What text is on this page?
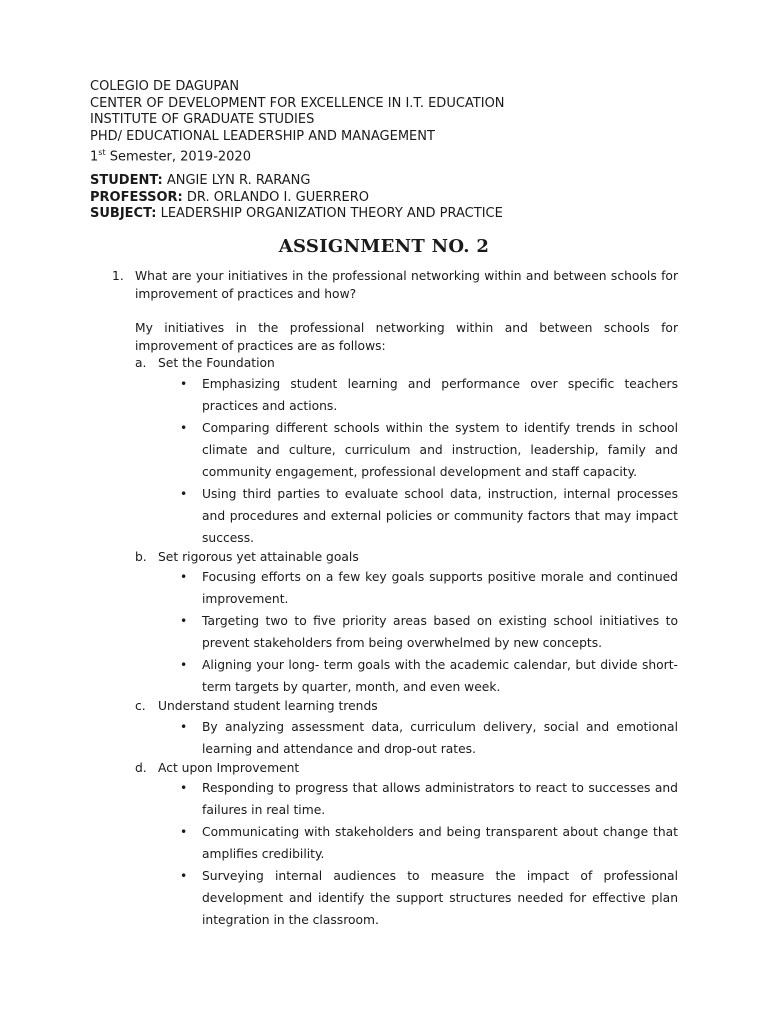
COLEGIO DE DAGUPAN
CENTER OF DEVELOPMENT FOR EXCELLENCE IN I.T. EDUCATION
INSTITUTE OF GRADUATE STUDIES
PHD/ EDUCATIONAL LEADERSHIP AND MANAGEMENT
1st Semester, 2019-2020
STUDENT: ANGIE LYN R. RARANG
PROFESSOR: DR. ORLANDO I. GUERRERO
SUBJECT: LEADERSHIP ORGANIZATION THEORY AND PRACTICE
ASSIGNMENT NO. 2
1. What are your initiatives in the professional networking within and between schools for improvement of practices and how?
My initiatives in the professional networking within and between schools for improvement of practices are as follows:
a. Set the Foundation
• Emphasizing student learning and performance over specific teachers practices and actions.
• Comparing different schools within the system to identify trends in school climate and culture, curriculum and instruction, leadership, family and community engagement, professional development and staff capacity.
• Using third parties to evaluate school data, instruction, internal processes and procedures and external policies or community factors that may impact success.
b. Set rigorous yet attainable goals
• Focusing efforts on a few key goals supports positive morale and continued improvement.
• Targeting two to five priority areas based on existing school initiatives to prevent stakeholders from being overwhelmed by new concepts.
• Aligning your long- term goals with the academic calendar, but divide short-term targets by quarter, month, and even week.
c.	Understand student learning trends
• By analyzing assessment data, curriculum delivery, social and emotional learning and attendance and drop-out rates.
d. Act upon Improvement
• Responding to progress that allows administrators to react to successes and failures in real time.
• Communicating with stakeholders and being transparent about change that amplifies credibility.
• Surveying internal audiences to measure the impact of professional development and identify the support structures needed for effective plan integration in the classroom.
